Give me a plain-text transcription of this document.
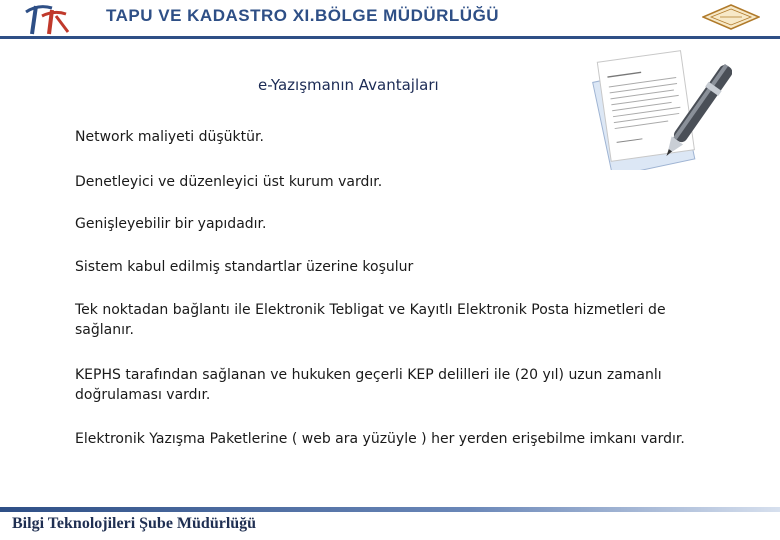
TAPU VE KADASTRO XI.BÖLGE MÜDÜRLÜĞÜ
e-Yazışmanın Avantajları
Network maliyeti düşüktür.
Denetleyici ve düzenleyici üst kurum vardır.
Genişleyebilir bir yapıdadır.
Sistem kabul edilmiş standartlar üzerine koşulur
Tek noktadan bağlantı ile Elektronik Tebligat ve Kayıtlı Elektronik Posta hizmetleri de sağlanır.
KEPHS tarafından sağlanan ve hukuken geçerli KEP delilleri ile (20 yıl) uzun zamanlı doğrulaması vardır.
Elektronik Yazışma Paketlerine ( web ara yüzüyle ) her yerden erişebilme imkanı vardır.
Bilgi Teknolojileri Şube Müdürlüğü
